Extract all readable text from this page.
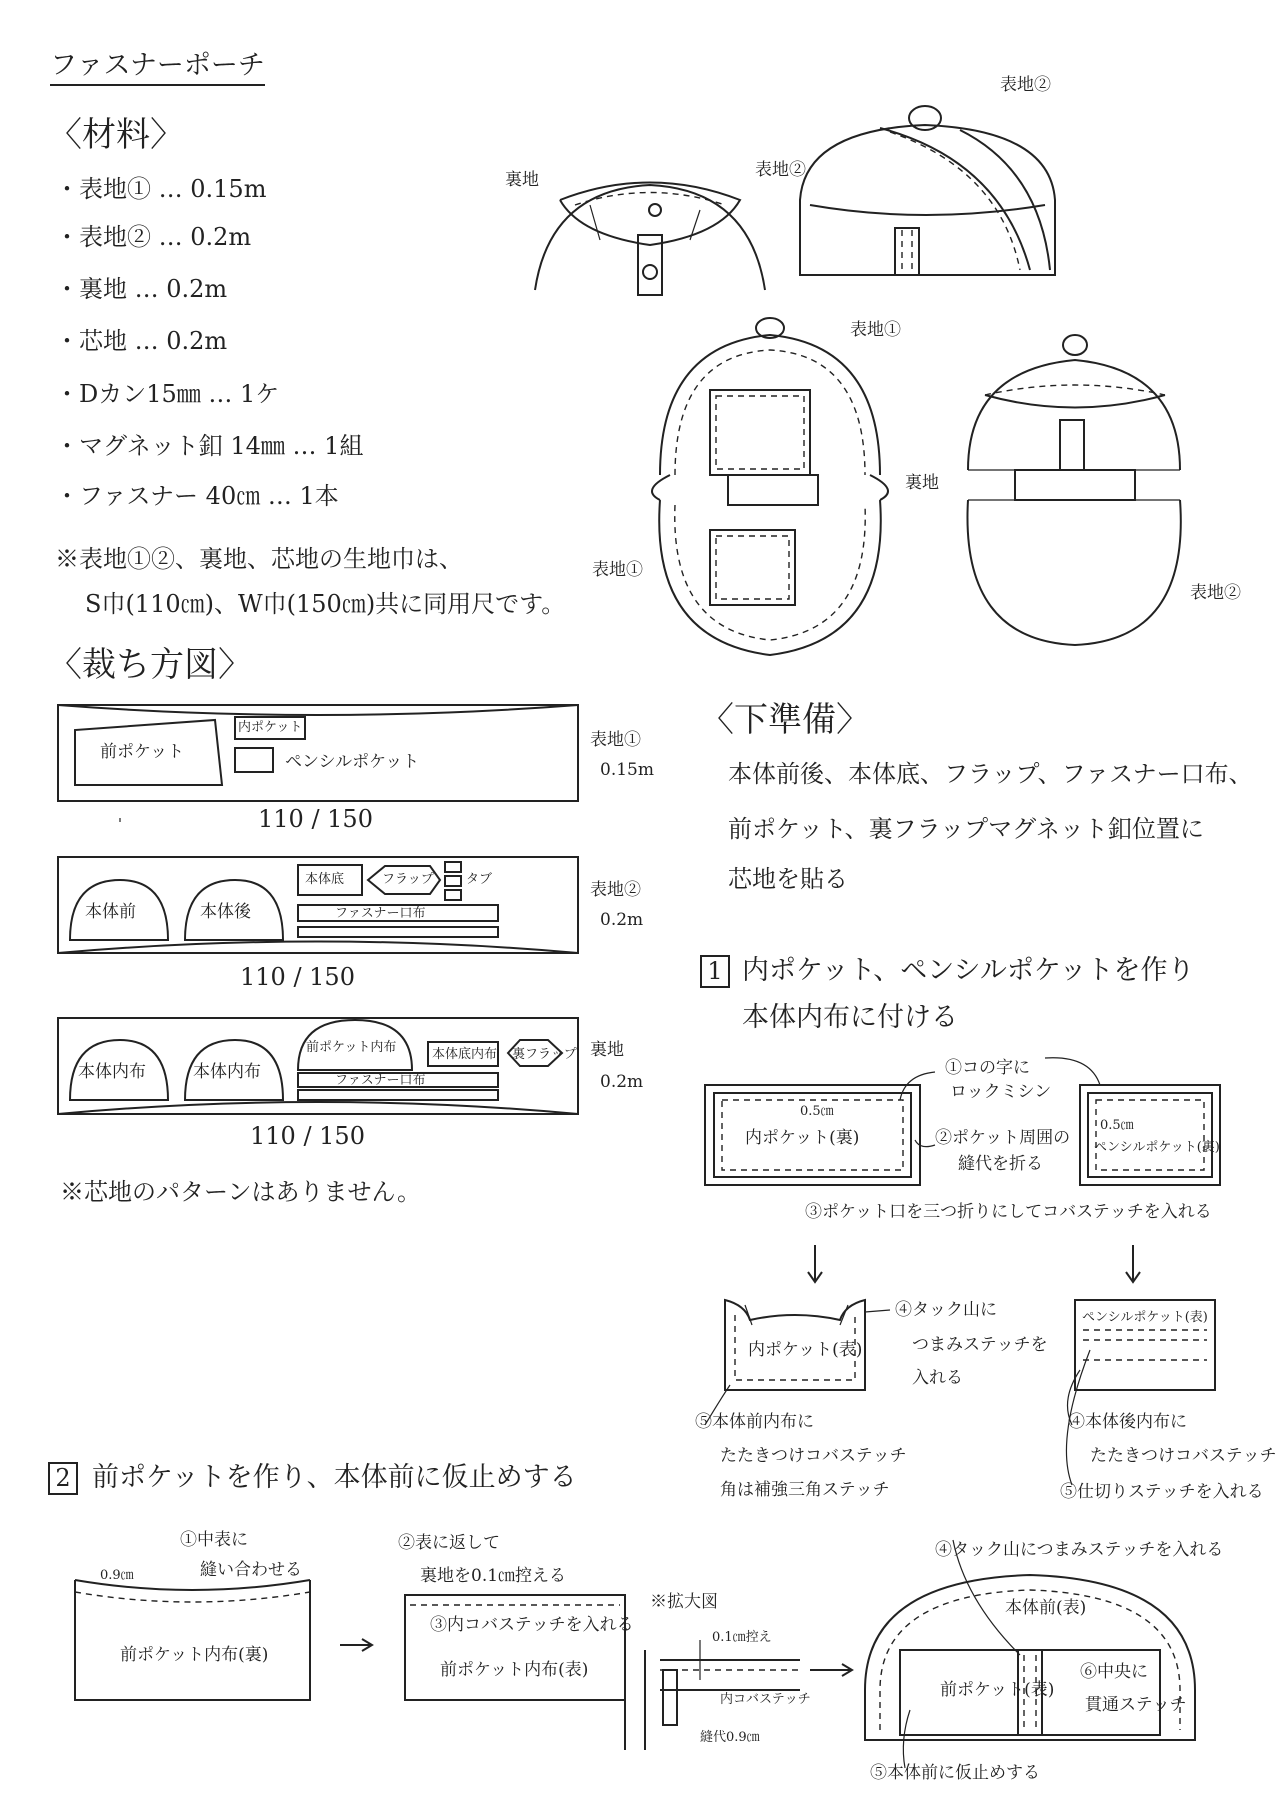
ファスナーポーチ
〈材料〉
・表地① … 0.15m
・表地② … 0.2m
・裏地 … 0.2m
・芯地 … 0.2m
・Dカン15㎜ … 1ケ
・マグネット釦 14㎜ … 1組
・ファスナー 40㎝ … 1本
※表地①②、裏地、芯地の生地巾は、
S巾(110㎝)、W巾(150㎝)共に同用尺です。
〈裁ち方図〉
前ポケット
内ポケット
ペンシルポケット
表地①
0.15m
110 / 150
本体前	本体後
本体底	フラップ タブ
ファスナー口布
表地②
0.2m
110 / 150
本体内布	本体内布
前ポケット内布	本体底内布 裏フラップ
ファスナー口布
裏地
0.2m
110 / 150
※芯地のパターンはありません。
裏地	表地②
表地②
表地①
表地①
裏地
表地②
〈下準備〉
本体前後、本体底、フラップ、ファスナー口布、
前ポケット、裏フラップマグネット釦位置に
芯地を貼る
1 内ポケット、ペンシルポケットを作り
本体内布に付ける
0.5㎝
内ポケット(裏)
0.5㎝
ペンシルポケット(裏)
①コの字に
ロックミシン
②ポケット周囲の
縫代を折る
③ポケット口を三つ折りにしてコバステッチを入れる
内ポケット(表)
④タック山に
つまみステッチを
入れる
⑤本体前内布に
たたきつけコバステッチ
角は補強三角ステッチ
ペンシルポケット(表)
④本体後内布に
たたきつけコバステッチ
⑤仕切りステッチを入れる
2 前ポケットを作り、本体前に仮止めする
①中表に
縫い合わせる
0.9㎝
前ポケット内布(裏)
②表に返して
裏地を0.1㎝控える
③内コバステッチを入れる
前ポケット内布(表)
※拡大図
0.1㎝控え
内コバステッチ
縫代0.9㎝
④タック山につまみステッチを入れる
本体前(表)
前ポケット(表)
⑥中央に
貫通ステッチ
⑤本体前に仮止めする
